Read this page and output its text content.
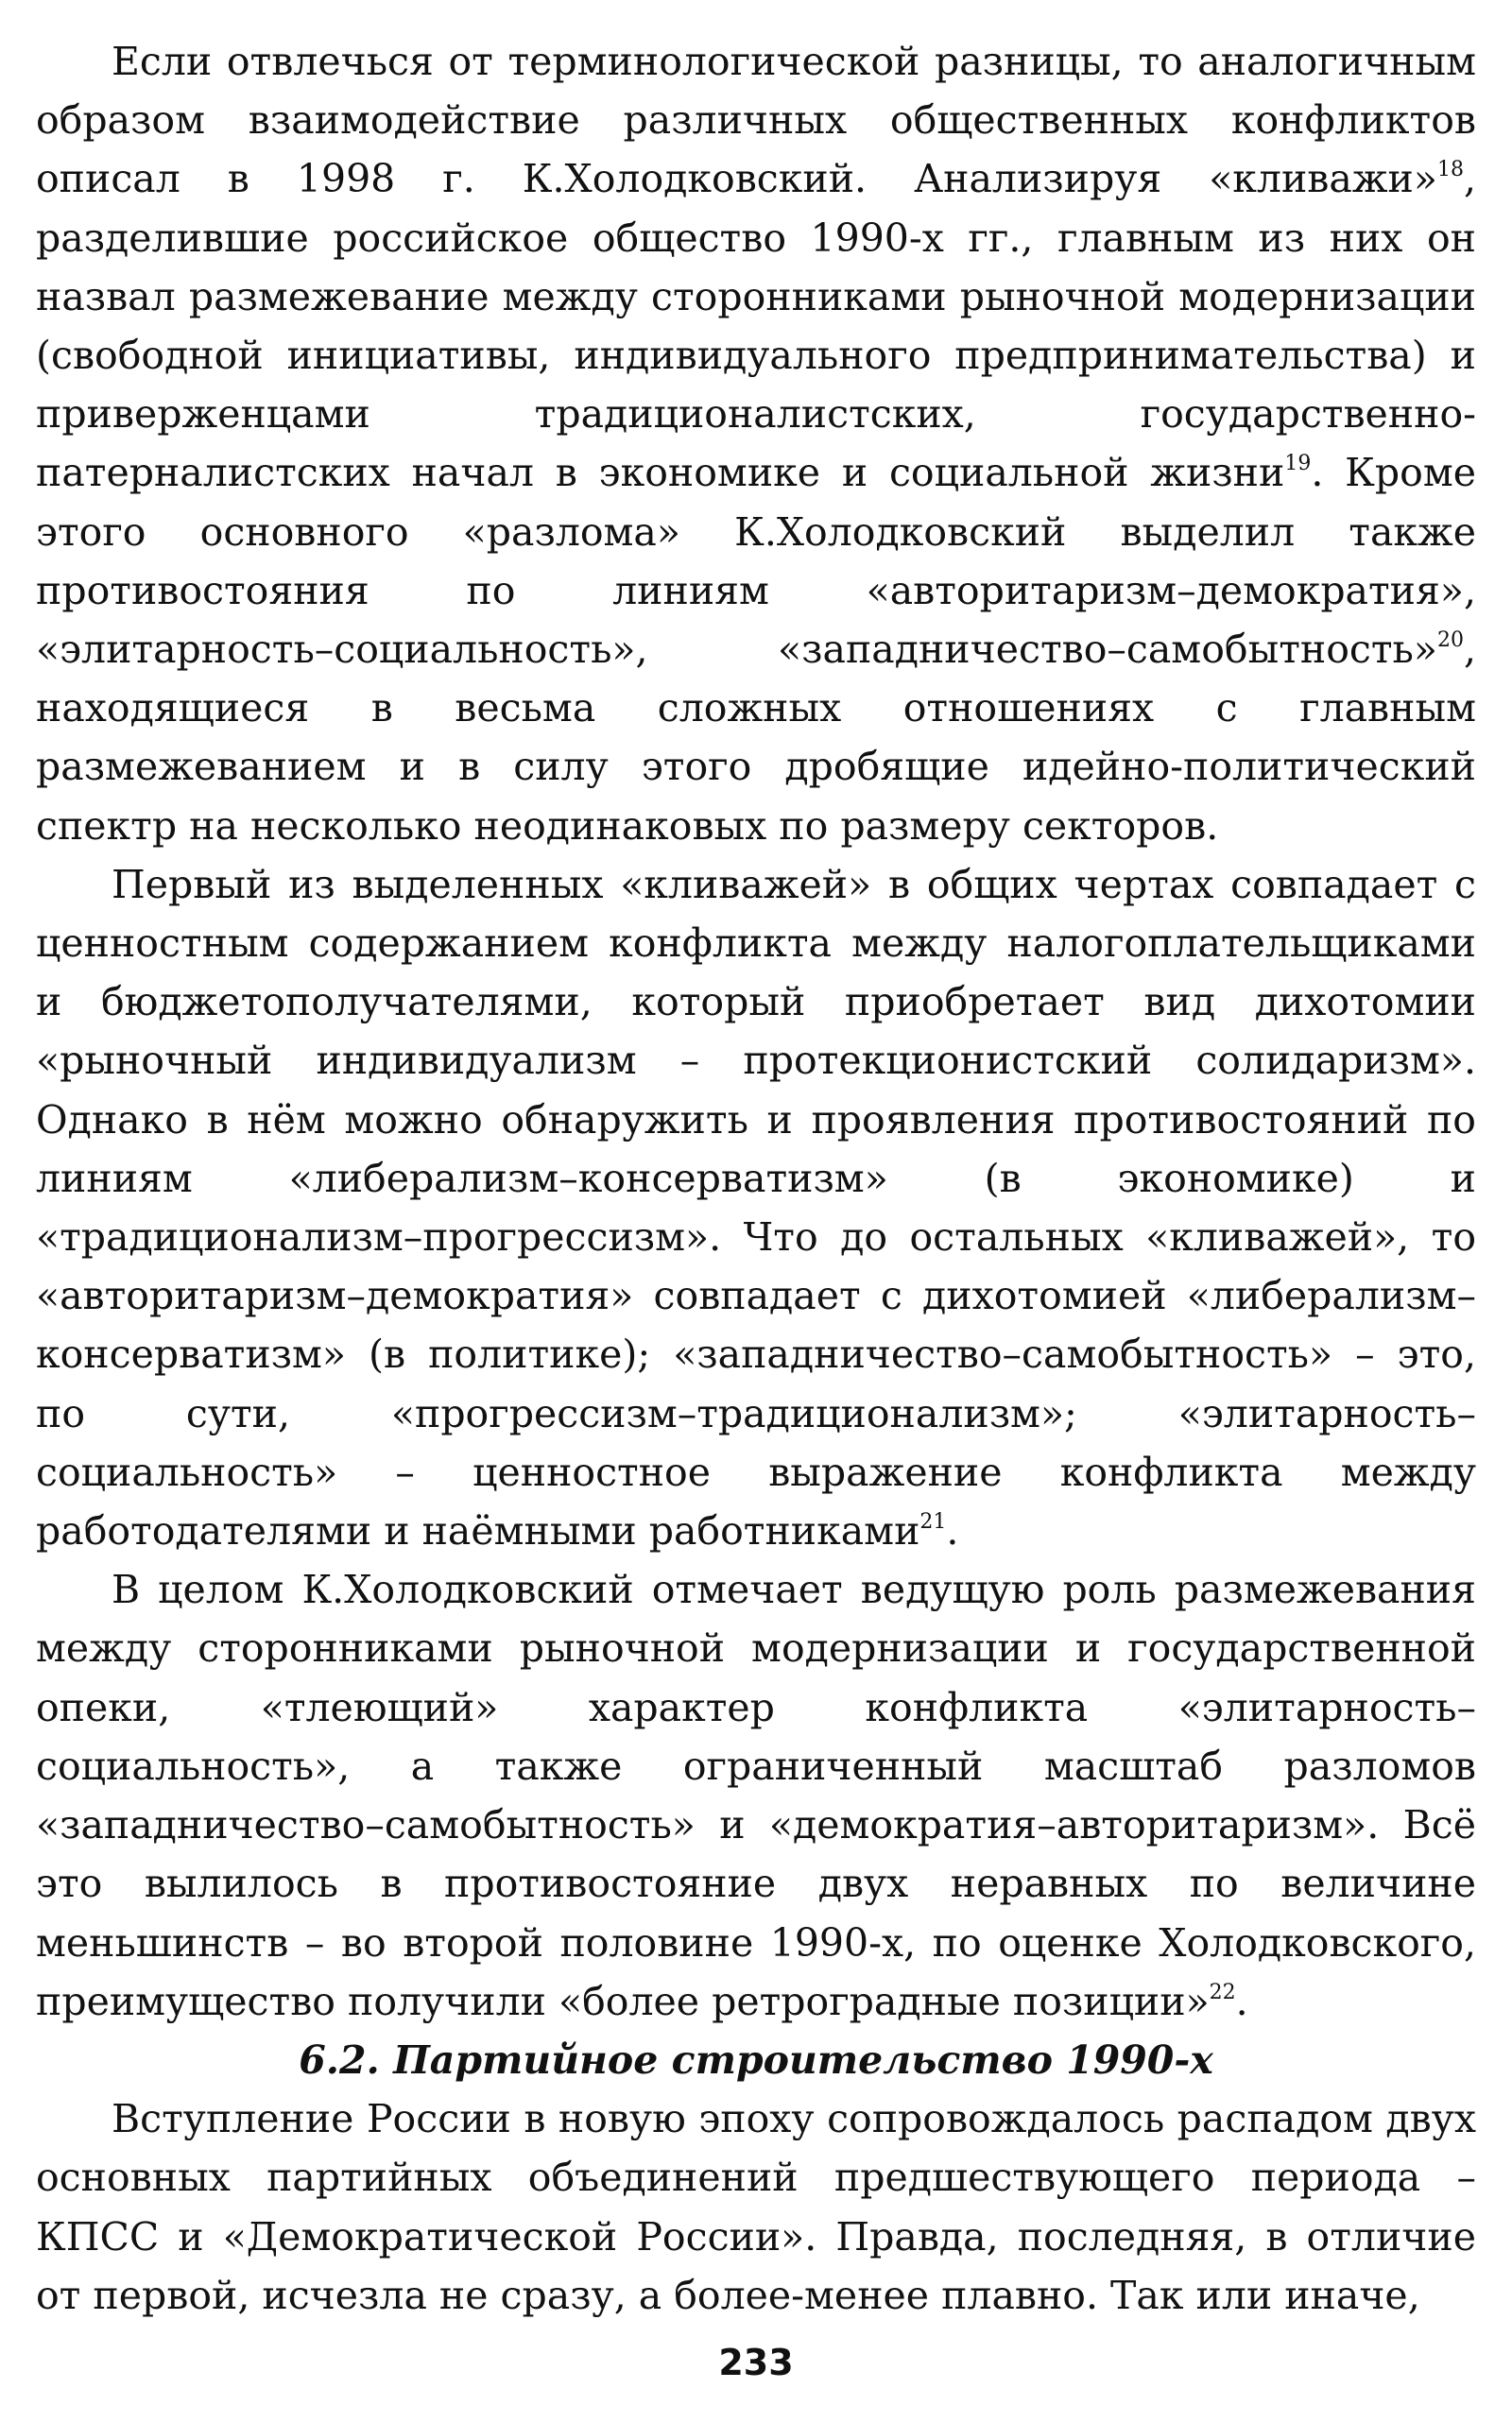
Если отвлечься от терминологической разницы, то аналогичным образом взаимодействие различных общественных конфликтов описал в 1998 г. К.Холодковский. Анализируя «кливажи»$^{18}$, разделившие российское общество 1990-х гг., главным из них он назвал размежевание между сторонниками рыночной модернизации (свободной инициативы, индивидуального предпринимательства) и приверженцами традиционалистских, государственно-патерналистских начал в экономике и социальной жизни$^{19}$. Кроме этого основного «разлома» К.Холодковский выделил также противостояния по линиям «авторитаризм–демократия», «элитарность–социальность», «западничество–самобытность»$^{20}$, находящиеся в весьма сложных отношениях с главным размежеванием и в силу этого дробящие идейно-политический спектр на несколько неодинаковых по размеру секторов.

Первый из выделенных «кливажей» в общих чертах совпадает с ценностным содержанием конфликта между налогоплательщиками и бюджетополучателями, который приобретает вид дихотомии «рыночный индивидуализм – протекционистский солидаризм». Однако в нём можно обнаружить и проявления противостояний по линиям «либерализм–консерватизм» (в экономике) и «традиционализм–прогрессизм». Что до остальных «кливажей», то «авторитаризм–демократия» совпадает с дихотомией «либерализм–консерватизм» (в политике); «западничество–самобытность» – это, по сути, «прогрессизм–традиционализм»; «элитарность–социальность» – ценностное выражение конфликта между работодателями и наёмными работниками$^{21}$.

В целом К.Холодковский отмечает ведущую роль размежевания между сторонниками рыночной модернизации и государственной опеки, «тлеющий» характер конфликта «элитарность–социальность», а также ограниченный масштаб разломов «западничество–самобытность» и «демократия–авторитаризм». Всё это вылилось в противостояние двух неравных по величине меньшинств – во второй половине 1990-х, по оценке Холодковского, преимущество получили «более ретроградные позиции»$^{22}$.

6.2. Партийное строительство 1990-х

Вступление России в новую эпоху сопровождалось распадом двух основных партийных объединений предшествующего периода – КПСС и «Демократической России». Правда, последняя, в отличие от первой, исчезла не сразу, а более-менее плавно. Так или иначе,

233
